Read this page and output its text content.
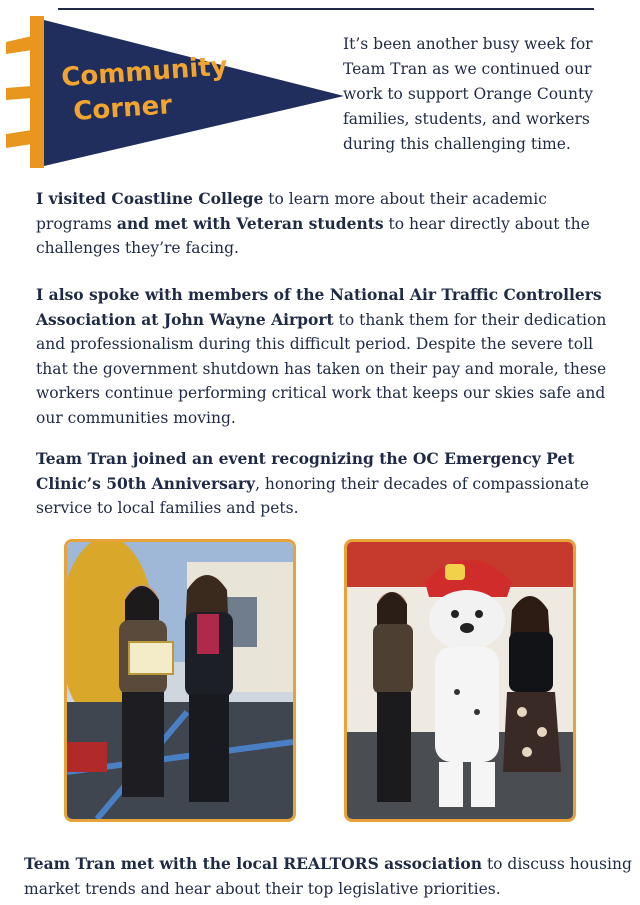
Community
Corner

It’s been another busy week for Team Tran as we continued our work to support Orange County families, students, and workers during this challenging time.

I visited Coastline College to learn more about their academic programs and met with Veteran students to hear directly about the challenges they’re facing.

I also spoke with members of the National Air Traffic Controllers Association at John Wayne Airport to thank them for their dedication and professionalism during this difficult period. Despite the severe toll that the government shutdown has taken on their pay and morale, these workers continue performing critical work that keeps our skies safe and our communities moving.

Team Tran joined an event recognizing the OC Emergency Pet Clinic’s 50th Anniversary, honoring their decades of compassionate service to local families and pets.

Team Tran met with the local REALTORS association to discuss housing market trends and hear about their top legislative priorities.
